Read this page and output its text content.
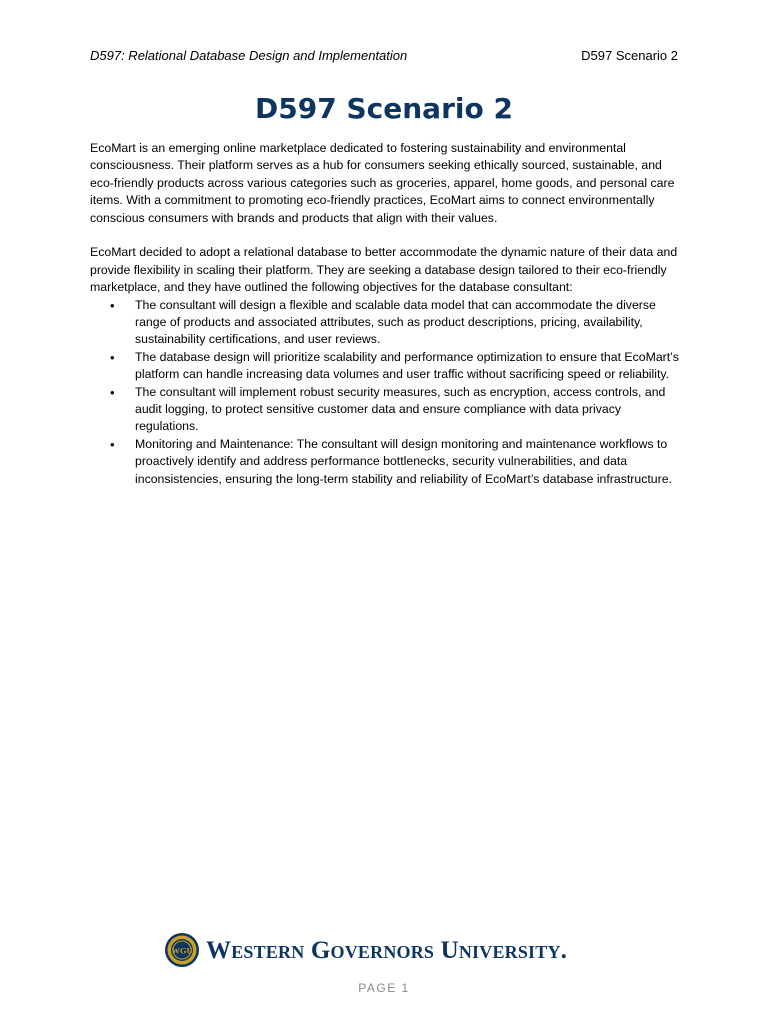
D597: Relational Database Design and Implementation	D597 Scenario 2
D597 Scenario 2

EcoMart is an emerging online marketplace dedicated to fostering sustainability and environmental consciousness. Their platform serves as a hub for consumers seeking ethically sourced, sustainable, and eco-friendly products across various categories such as groceries, apparel, home goods, and personal care items. With a commitment to promoting eco-friendly practices, EcoMart aims to connect environmentally conscious consumers with brands and products that align with their values.

EcoMart decided to adopt a relational database to better accommodate the dynamic nature of their data and provide flexibility in scaling their platform. They are seeking a database design tailored to their eco-friendly marketplace, and they have outlined the following objectives for the database consultant:

• The consultant will design a flexible and scalable data model that can accommodate the diverse range of products and associated attributes, such as product descriptions, pricing, availability, sustainability certifications, and user reviews.
• The database design will prioritize scalability and performance optimization to ensure that EcoMart’s platform can handle increasing data volumes and user traffic without sacrificing speed or reliability.
• The consultant will implement robust security measures, such as encryption, access controls, and audit logging, to protect sensitive customer data and ensure compliance with data privacy regulations.
• Monitoring and Maintenance: The consultant will design monitoring and maintenance workflows to proactively identify and address performance bottlenecks, security vulnerabilities, and data inconsistencies, ensuring the long-term stability and reliability of EcoMart’s database infrastructure.
WGU Western Governors University.
PAGE 1
